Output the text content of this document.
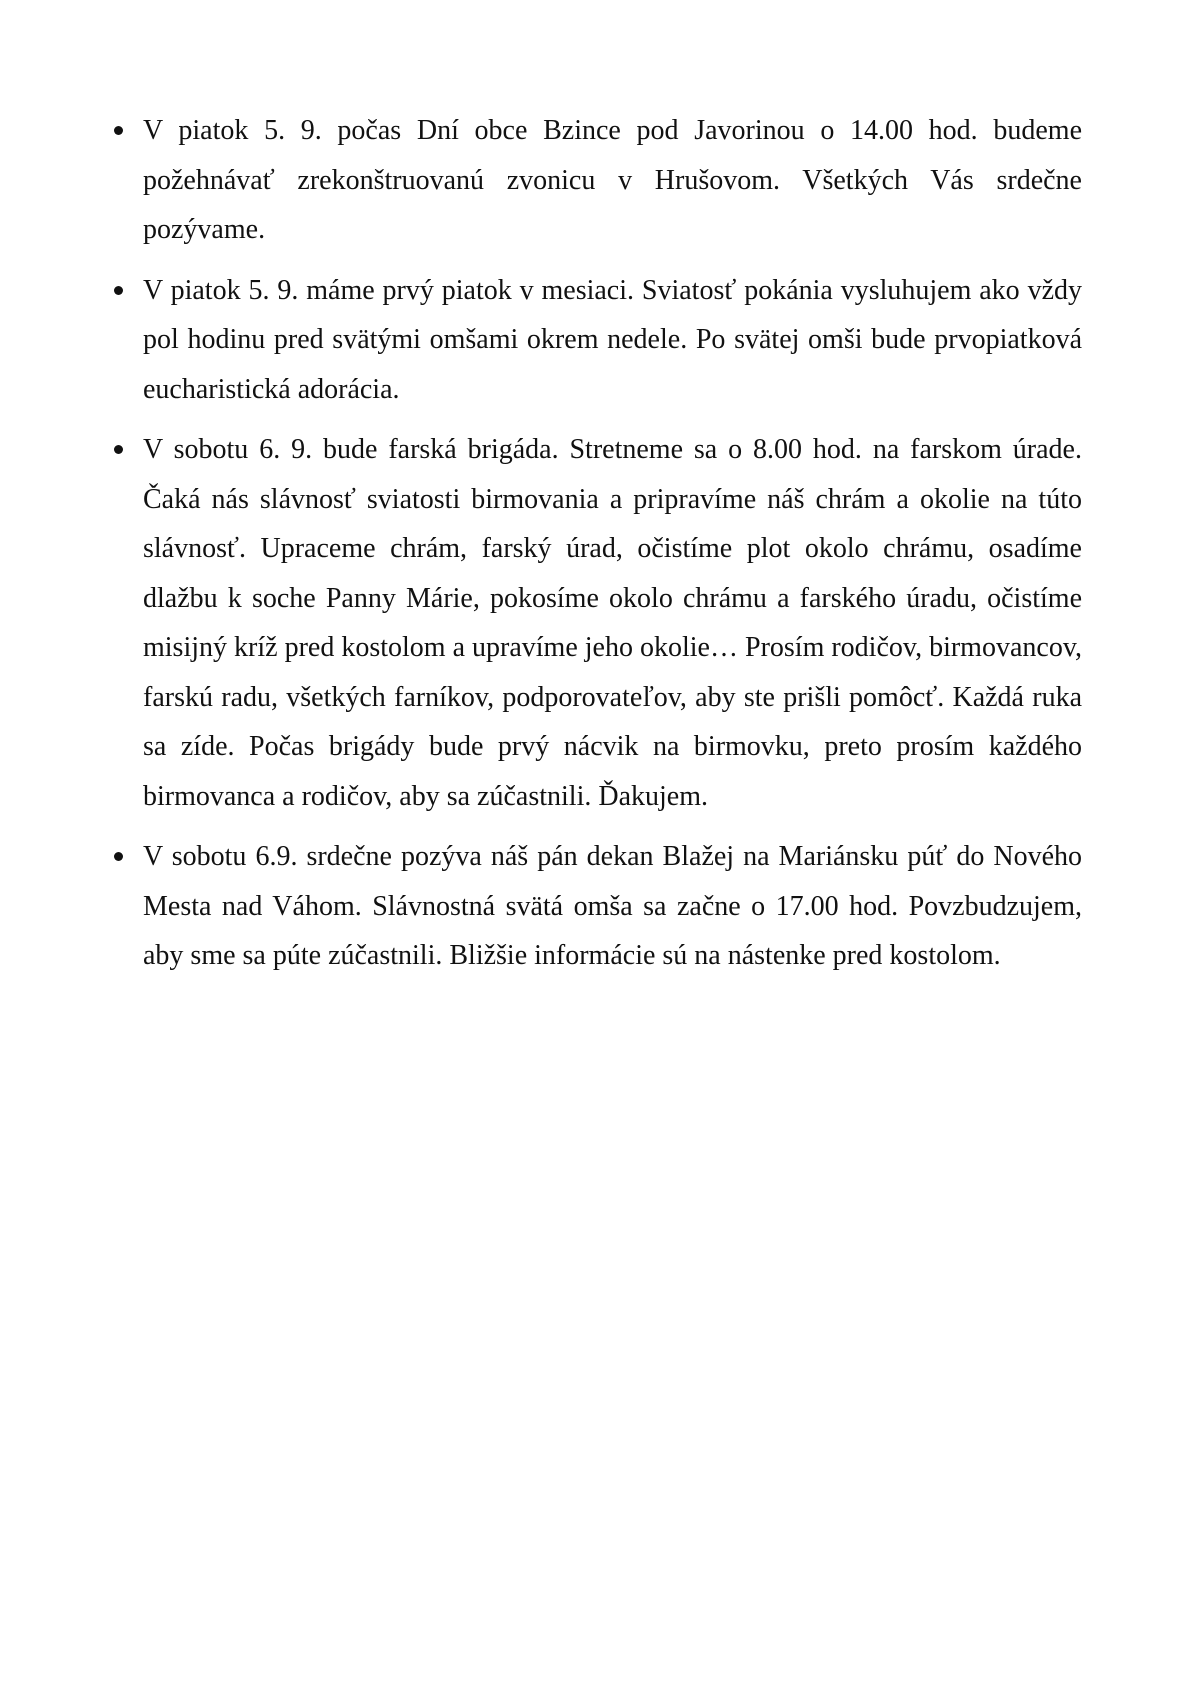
V piatok 5. 9. počas Dní obce Bzince pod Javorinou o 14.00 hod. budeme požehnávať zrekonštruovanú zvonicu v Hrušovom. Všetkých Vás srdečne pozývame.
V piatok 5. 9. máme prvý piatok v mesiaci. Sviatosť pokánia vysluhujem ako vždy pol hodinu pred svätými omšami okrem nedele. Po svätej omši bude prvopiatková eucharistická adorácia.
V sobotu 6. 9. bude farská brigáda. Stretneme sa o 8.00 hod. na farskom úrade. Čaká nás slávnosť sviatosti birmovania a pripravíme náš chrám a okolie na túto slávnosť. Upraceme chrám, farský úrad, očistíme plot okolo chrámu, osadíme dlažbu k soche Panny Márie, pokosíme okolo chrámu a farského úradu, očistíme misijný kríž pred kostolom a upravíme jeho okolie… Prosím rodičov, birmovancov, farskú radu, všetkých farníkov, podporovateľov, aby ste prišli pomôcť. Každá ruka sa zíde. Počas brigády bude prvý nácvik na birmovku, preto prosím každého birmovanca a rodičov, aby sa zúčastnili. Ďakujem.
V sobotu 6.9. srdečne pozýva náš pán dekan Blažej na Mariánsku púť do Nového Mesta nad Váhom. Slávnostná svätá omša sa začne o 17.00 hod. Povzbudzujem, aby sme sa púte zúčastnili. Bližšie informácie sú na nástenke pred kostolom.
